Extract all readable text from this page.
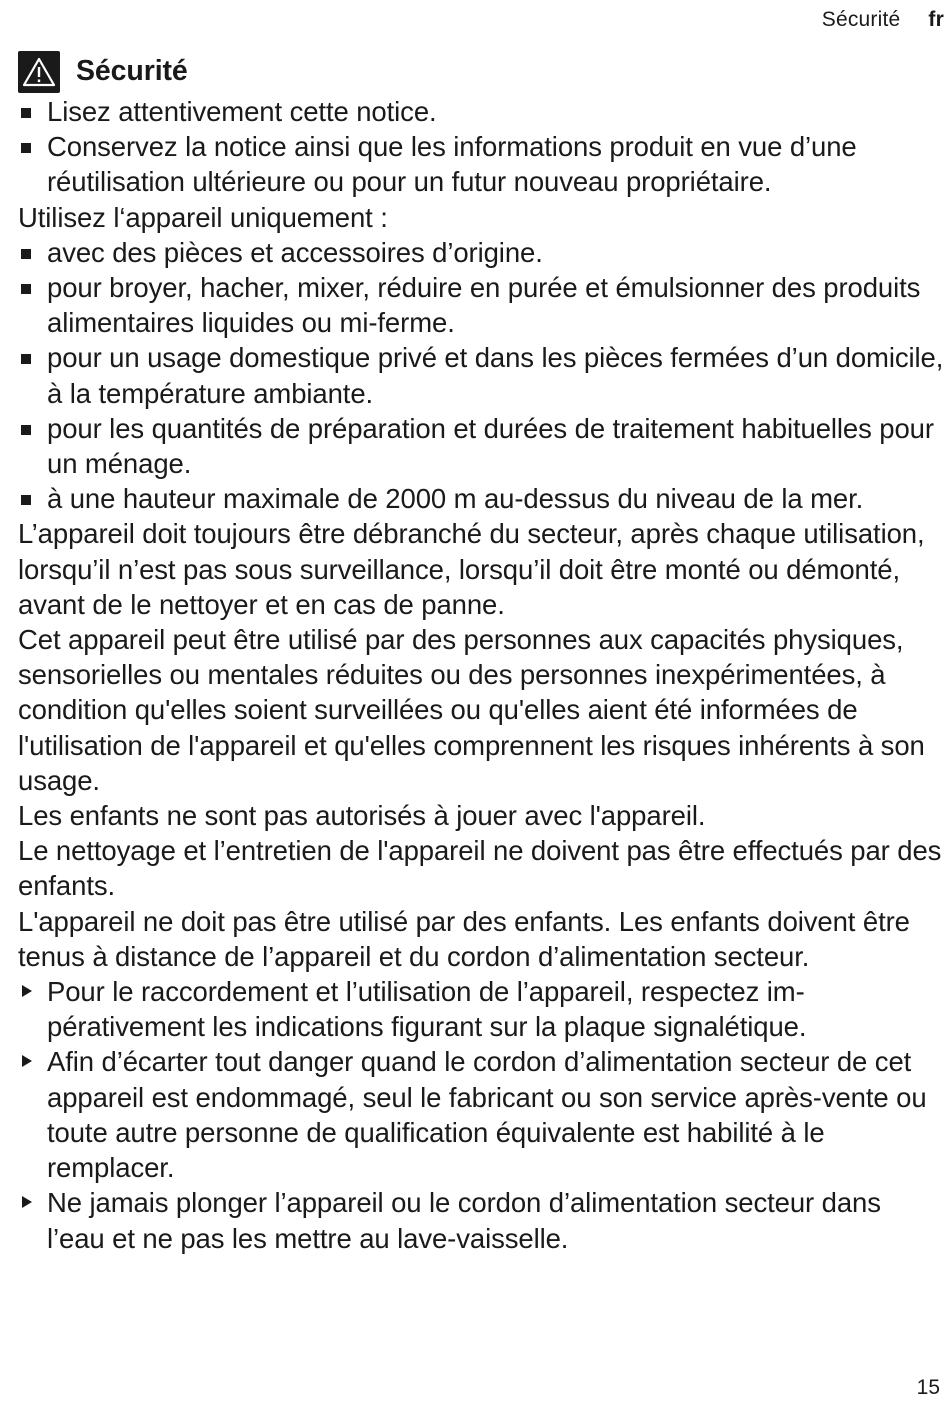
Sécurité fr
Sécurité
Lisez attentivement cette notice.
Conservez la notice ainsi que les informations produit en vue d’une réutilisation ultérieure ou pour un futur nouveau propriétaire.

Utilisez l‘appareil uniquement :

avec des pièces et accessoires d’origine.
pour broyer, hacher, mixer, réduire en purée et émulsionner des produits alimentaires liquides ou mi-ferme.
pour un usage domestique privé et dans les pièces fermées d’un domicile, à la température ambiante.
pour les quantités de préparation et durées de traitement habituelles pour un ménage.
à une hauteur maximale de 2000 m au-dessus du niveau de la mer.

L’appareil doit toujours être débranché du secteur, après chaque utilisation, lorsqu’il n’est pas sous surveillance, lorsqu’il doit être monté ou démonté, avant de le nettoyer et en cas de panne.

Cet appareil peut être utilisé par des personnes aux capacités physiques, sensorielles ou mentales réduites ou des personnes inexpérimentées, à condition qu'elles soient surveillées ou qu'elles aient été informées de l'utilisation de l'appareil et qu'elles comprennent les risques inhérents à son usage.

Les enfants ne sont pas autorisés à jouer avec l'appareil.

Le nettoyage et l’entretien de l'appareil ne doivent pas être effectués par des enfants.

L'appareil ne doit pas être utilisé par des enfants. Les enfants doivent être tenus à distance de l’appareil et du cordon d’alimentation secteur.

Pour le raccordement et l’utilisation de l’appareil, respectez impérativement les indications figurant sur la plaque signalétique.
Afin d’écarter tout danger quand le cordon d’alimentation secteur de cet appareil est endommagé, seul le fabricant ou son service après-vente ou toute autre personne de qualification équivalente est habilité à le remplacer.
Ne jamais plonger l’appareil ou le cordon d’alimentation secteur dans l’eau et ne pas les mettre au lave-vaisselle.
15
